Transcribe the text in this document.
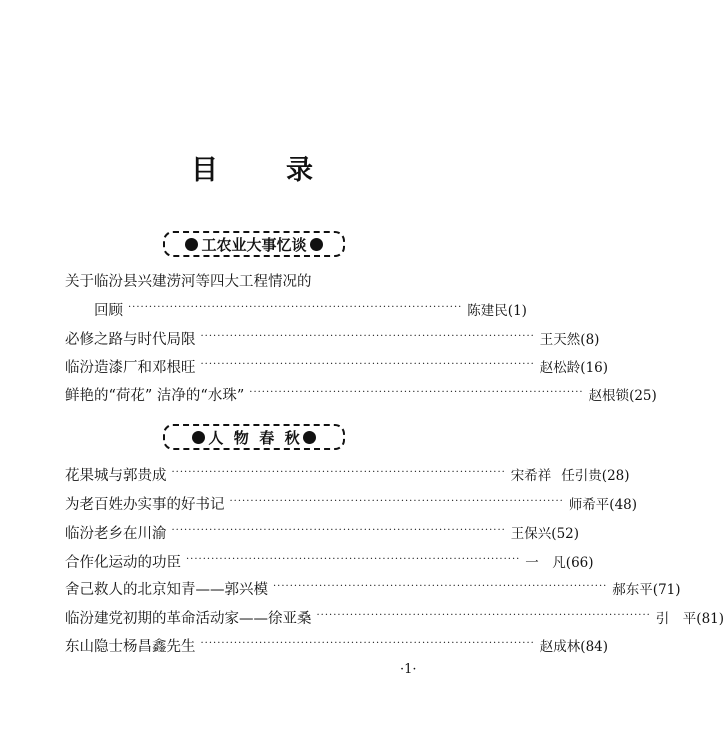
目	录
工农业大事忆谈
关于临汾县兴建涝河等四大工程情况的
回顾 ················································································ 陈建民 (1)
必修之路与时代局限 ················································································ 王天然 (8)
临汾造漆厂和邓根旺 ················································································ 赵松龄 (16)
鲜艳的“荷花” 洁净的“水珠” ················································································ 赵根锁 (25)
人  物  春  秋
花果城与郭贵成 ················································································ 宋希祥 任引贵 (28)
为老百姓办实事的好书记 ················································································ 师希平 (48)
临汾老乡在川渝 ················································································ 王保兴 (52)
合作化运动的功臣 ················································································ 一　凡 (66)
舍己救人的北京知青——郭兴模 ················································································ 郝东平 (71)
临汾建党初期的革命活动家——徐亚桑 ················································································ 引　平 (81)
东山隐士杨昌鑫先生 ················································································ 赵成林 (84)
·1·
